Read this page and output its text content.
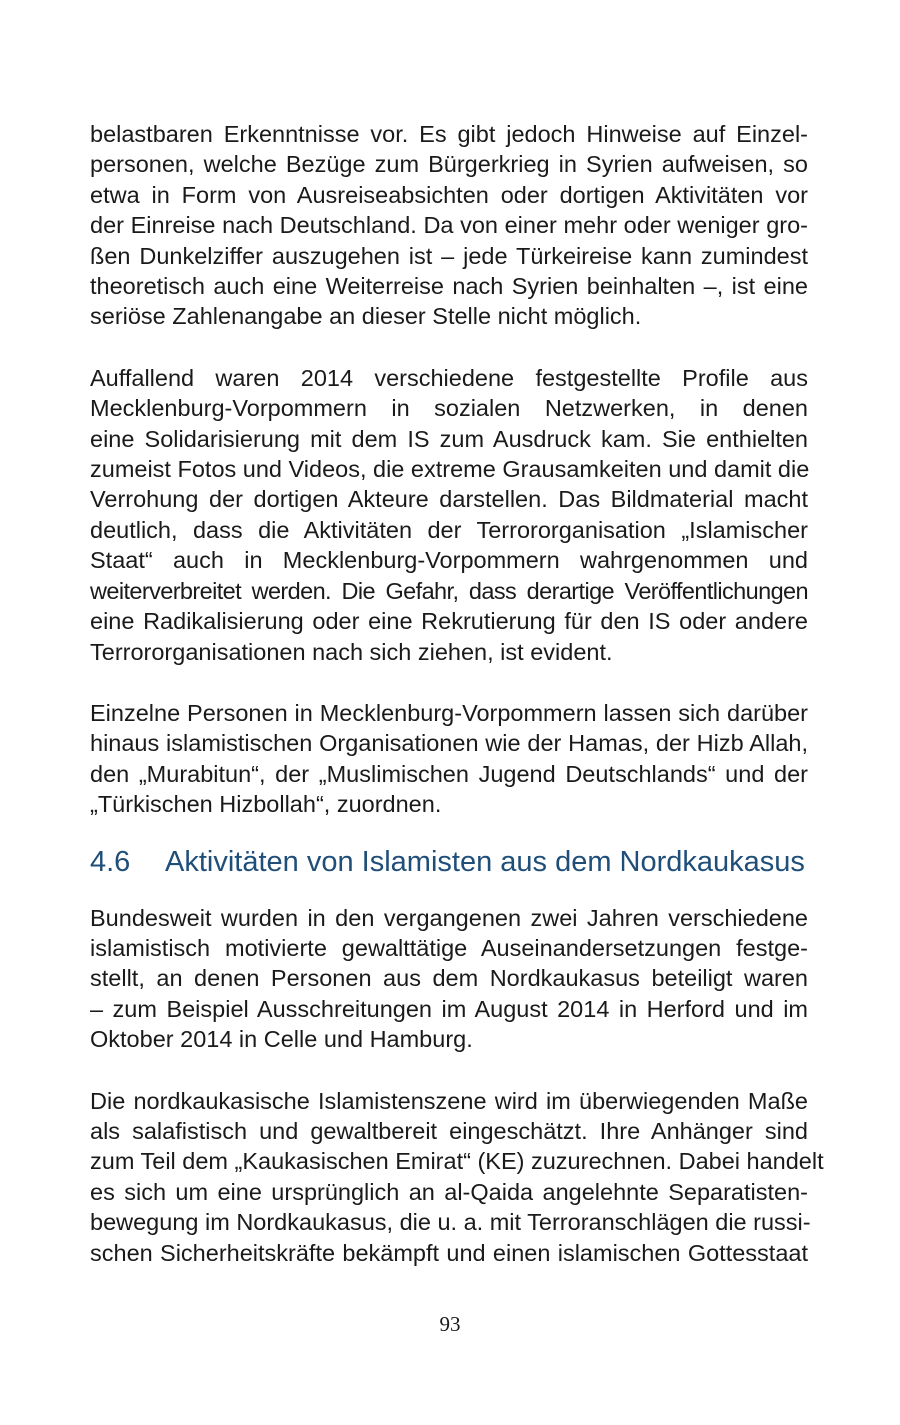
belastbaren Erkenntnisse vor. Es gibt jedoch Hinweise auf Einzel-
personen, welche Bezüge zum Bürgerkrieg in Syrien aufweisen, so
etwa in Form von Ausreiseabsichten oder dortigen Aktivitäten vor
der Einreise nach Deutschland. Da von einer mehr oder weniger gro-
ßen Dunkelziffer auszugehen ist – jede Türkeireise kann zumindest
theoretisch auch eine Weiterreise nach Syrien beinhalten –, ist eine
seriöse Zahlenangabe an dieser Stelle nicht möglich.

Auffallend waren 2014 verschiedene festgestellte Profile aus
Mecklenburg-Vorpommern in sozialen Netzwerken, in denen
eine Solidarisierung mit dem IS zum Ausdruck kam. Sie enthielten
zumeist Fotos und Videos, die extreme Grausamkeiten und damit die
Verrohung der dortigen Akteure darstellen. Das Bildmaterial macht
deutlich, dass die Aktivitäten der Terrororganisation „Islamischer
Staat“ auch in Mecklenburg-Vorpommern wahrgenommen und
weiterverbreitet werden. Die Gefahr, dass derartige Veröffentlichungen
eine Radikalisierung oder eine Rekrutierung für den IS oder andere
Terrororganisationen nach sich ziehen, ist evident.

Einzelne Personen in Mecklenburg-Vorpommern lassen sich darüber
hinaus islamistischen Organisationen wie der Hamas, der Hizb Allah,
den „Murabitun“, der „Muslimischen Jugend Deutschlands“ und der
„Türkischen Hizbollah“, zuordnen.

4.6	Aktivitäten von Islamisten aus dem Nordkaukasus

Bundesweit wurden in den vergangenen zwei Jahren verschiedene
islamistisch motivierte gewalttätige Auseinandersetzungen festge-
stellt, an denen Personen aus dem Nordkaukasus beteiligt waren
– zum Beispiel Ausschreitungen im August 2014 in Herford und im
Oktober 2014 in Celle und Hamburg.

Die nordkaukasische Islamistenszene wird im überwiegenden Maße
als salafistisch und gewaltbereit eingeschätzt. Ihre Anhänger sind
zum Teil dem „Kaukasischen Emirat“ (KE) zuzurechnen. Dabei handelt
es sich um eine ursprünglich an al-Qaida angelehnte Separatisten-
bewegung im Nordkaukasus, die u. a. mit Terroranschlägen die russi-
schen Sicherheitskräfte bekämpft und einen islamischen Gottesstaat

93
